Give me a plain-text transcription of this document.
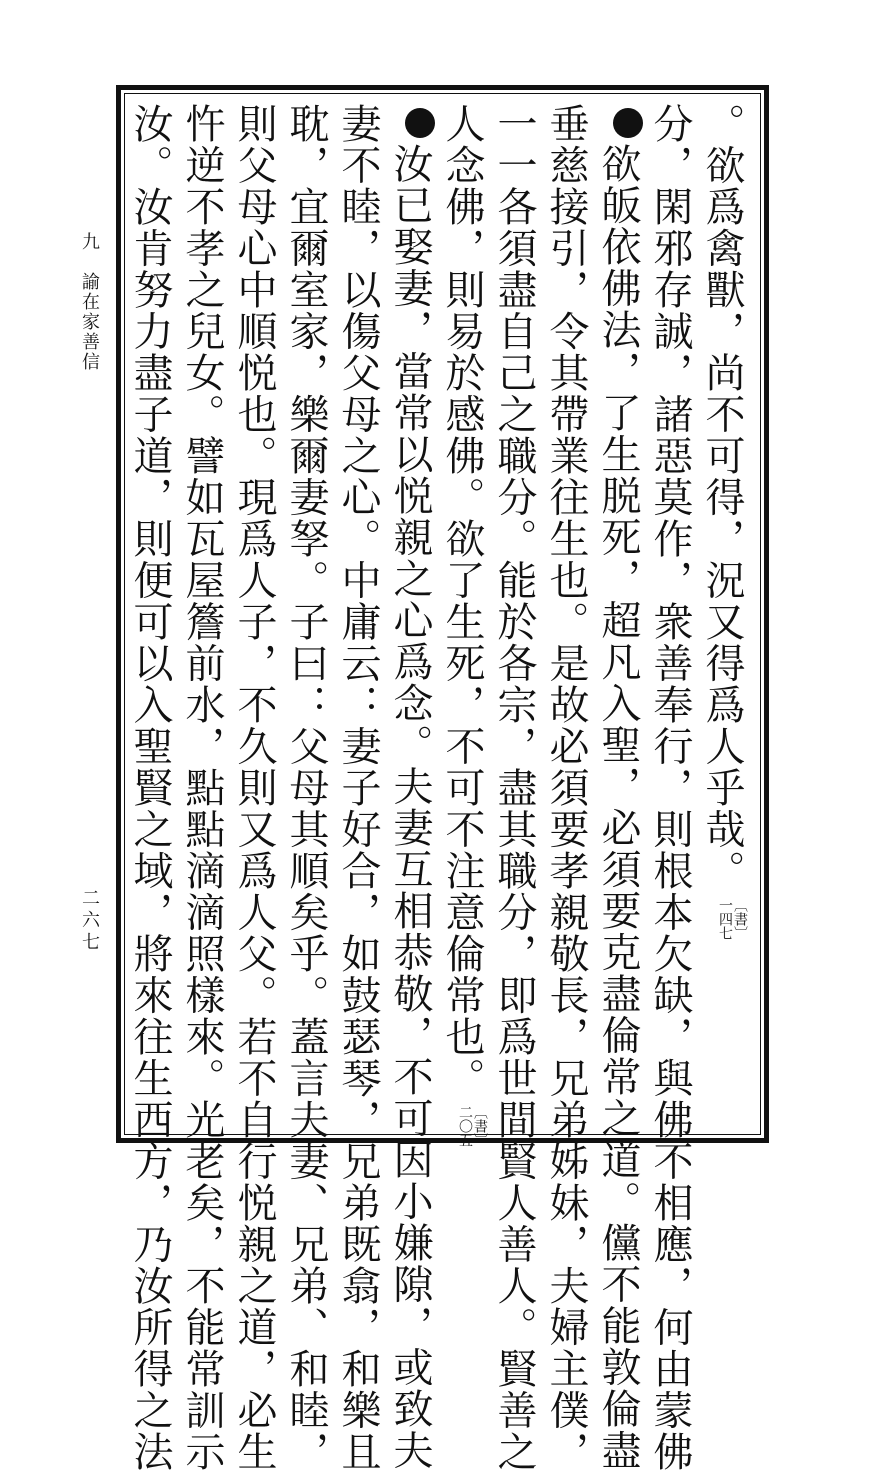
九　諭在家善信
二六七
。欲爲禽獸，尚不可得，況又得爲人乎哉。
〔書〕
一四七
分，閑邪存誠，諸惡莫作，衆善奉行，則根本欠缺，與佛不相應，何由蒙佛
欲皈依佛法，了生脱死，超凡入聖，必須要克盡倫常之道。儻不能敦倫盡
垂慈接引，令其帶業往生也。是故必須要孝親敬長，兄弟姊妹，夫婦主僕，
一一各須盡自己之職分。能於各宗，盡其職分，即爲世間賢人善人。賢善之
人念佛，則易於感佛。欲了生死，不可不注意倫常也。
〔書〕
二〇五
汝已娶妻，當常以悦親之心爲念。夫妻互相恭敬，不可因小嫌隙，或致夫
妻不睦，以傷父母之心。中庸云：妻子好合，如鼓瑟琴，兄弟既翕，和樂且
耽，宜爾室家，樂爾妻孥。子曰：父母其順矣乎。蓋言夫妻、兄弟、和睦，
則父母心中順悦也。現爲人子，不久則又爲人父。若不自行悦親之道，必生
忤逆不孝之兒女。譬如瓦屋簷前水，點點滴滴照樣來。光老矣，不能常訓示
汝。汝肯努力盡子道，則便可以入聖賢之域，將來往生西方，乃汝所得之法
